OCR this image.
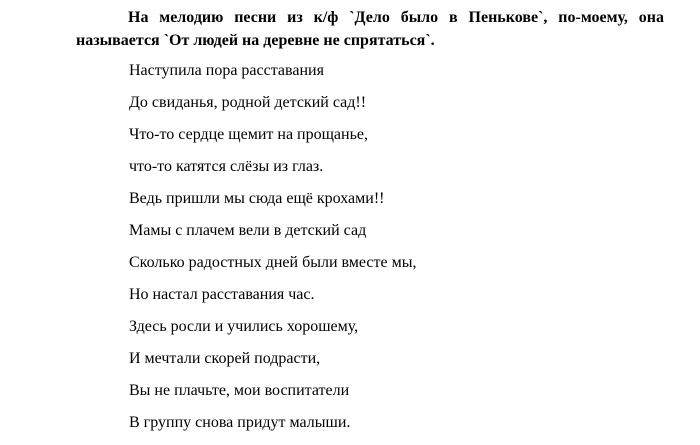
На мелодию песни из к/ф `Дело было в Пеньковe`, по-моему, она называется `От людей на деревне не спрятаться`.

Наступила пора расставания
До свиданья, родной детский сад!!
Что-то сердце щемит на прощанье,
что-то катятся слёзы из глаз.
Ведь пришли мы сюда ещё крохами!!
Мамы с плачем вели в детский сад
Сколько радостных дней были вместе мы,
Но настал расставания час.
Здесь росли и учились хорошему,
И мечтали скорей подрасти,
Вы не плачьте, мои воспитатели
В группу снова придут малыши.
